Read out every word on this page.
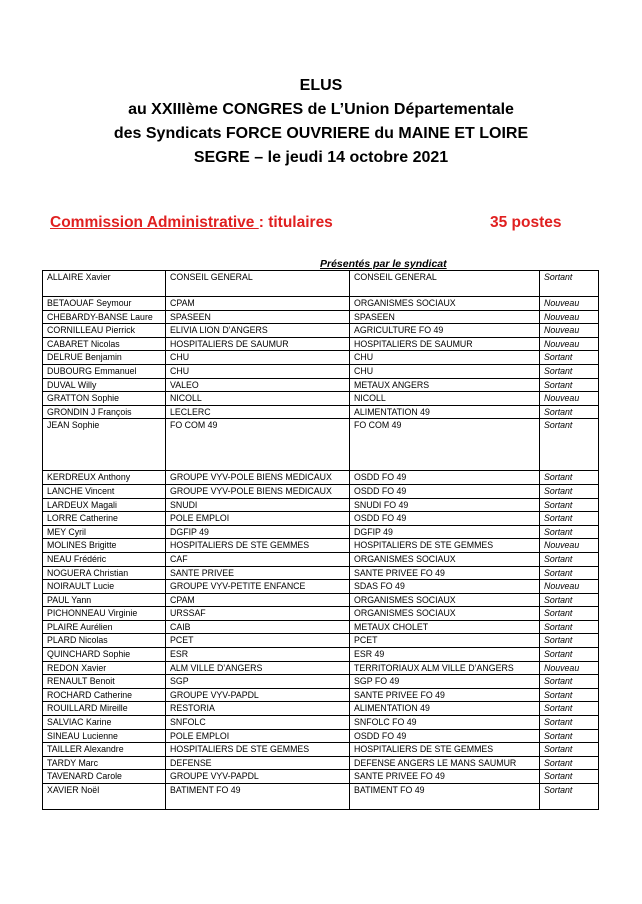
ELUS
au XXIIIème CONGRES de L’Union Départementale
des Syndicats FORCE OUVRIERE du MAINE ET LOIRE
SEGRE – le jeudi 14 octobre 2021
Commission Administrative : titulaires	35 postes
Présentés par le syndicat
ALLAIRE Xavier	CONSEIL GENERAL	CONSEIL GENERAL	Sortant
BETAOUAF Seymour	CPAM	ORGANISMES SOCIAUX	Nouveau
CHEBARDY-BANSE Laure	SPASEEN	SPASEEN	Nouveau
CORNILLEAU Pierrick	ELIVIA LION D’ANGERS	AGRICULTURE FO 49	Nouveau
CABARET Nicolas	HOSPITALIERS DE SAUMUR	HOSPITALIERS DE SAUMUR	Nouveau
DELRUE Benjamin	CHU	CHU	Sortant
DUBOURG Emmanuel	CHU	CHU	Sortant
DUVAL Willy	VALEO	METAUX ANGERS	Sortant
GRATTON Sophie	NICOLL	NICOLL	Nouveau
GRONDIN J François	LECLERC	ALIMENTATION 49	Sortant
JEAN Sophie	FO COM 49	FO COM 49	Sortant
KERDREUX Anthony	GROUPE VYV-POLE BIENS MEDICAUX	OSDD FO 49	Sortant
LANCHE Vincent	GROUPE VYV-POLE BIENS MEDICAUX	OSDD FO 49	Sortant
LARDEUX Magali	SNUDI	SNUDI FO 49	Sortant
LORRE Catherine	POLE EMPLOI	OSDD FO 49	Sortant
MEY Cyril	DGFIP 49	DGFIP 49	Sortant
MOLINES Brigitte	HOSPITALIERS DE STE GEMMES	HOSPITALIERS DE STE GEMMES	Nouveau
NEAU Frédéric	CAF	ORGANISMES SOCIAUX	Sortant
NOGUERA Christian	SANTE PRIVEE	SANTE PRIVEE FO 49	Sortant
NOIRAULT Lucie	GROUPE VYV-PETITE ENFANCE	SDAS FO 49	Nouveau
PAUL Yann	CPAM	ORGANISMES SOCIAUX	Sortant
PICHONNEAU Virginie	URSSAF	ORGANISMES SOCIAUX	Sortant
PLAIRE Aurélien	CAIB	METAUX CHOLET	Sortant
PLARD Nicolas	PCET	PCET	Sortant
QUINCHARD Sophie	ESR	ESR 49	Sortant
REDON Xavier	ALM VILLE D’ANGERS	TERRITORIAUX ALM VILLE D’ANGERS	Nouveau
RENAULT Benoit	SGP	SGP FO 49	Sortant
ROCHARD Catherine	GROUPE VYV-PAPDL	SANTE PRIVEE FO 49	Sortant
ROUILLARD Mireille	RESTORIA	ALIMENTATION 49	Sortant
SALVIAC Karine	SNFOLC	SNFOLC FO 49	Sortant
SINEAU Lucienne	POLE EMPLOI	OSDD FO 49	Sortant
TAILLER Alexandre	HOSPITALIERS DE STE GEMMES	HOSPITALIERS DE STE GEMMES	Sortant
TARDY Marc	DEFENSE	DEFENSE ANGERS LE MANS SAUMUR	Sortant
TAVENARD Carole	GROUPE VYV-PAPDL	SANTE PRIVEE FO 49	Sortant
XAVIER Noël	BATIMENT FO 49	BATIMENT FO 49	Sortant
